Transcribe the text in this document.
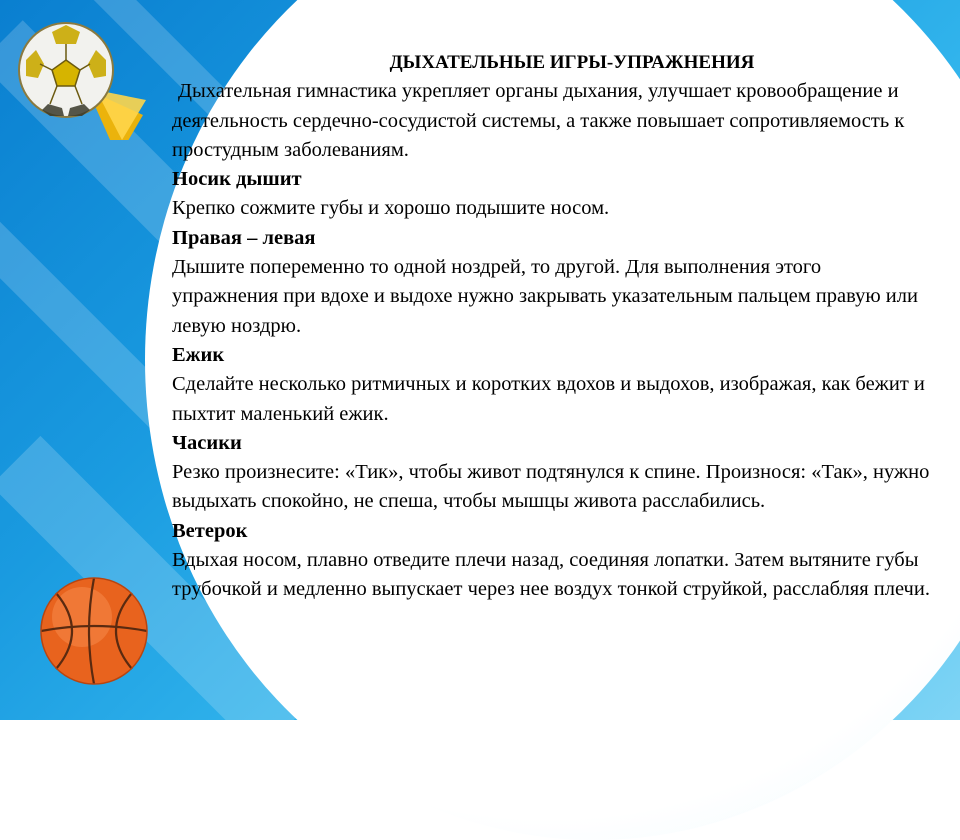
ДЫХАТЕЛЬНЫЕ ИГРЫ-УПРАЖНЕНИЯ

Дыхательная гимнастика укрепляет органы дыхания, улучшает кровообращение и деятельность сердечно-сосудистой системы, а также повышает сопротивляемость к простудным заболеваниям.

Носик дышит

Крепко сожмите губы и хорошо подышите носом.

Правая – левая

Дышите попеременно то одной ноздрей, то другой. Для выполнения этого упражнения при вдохе и выдохе нужно закрывать указательным пальцем правую или левую ноздрю.

Ежик

Сделайте несколько ритмичных и коротких вдохов и выдохов, изображая, как бежит и пыхтит маленький ежик.

Часики

Резко произнесите: «Тик», чтобы живот подтянулся к спине. Произнося: «Так», нужно выдыхать спокойно, не спеша, чтобы мышцы живота расслабились.

Ветерок

Вдыхая носом, плавно отведите плечи назад, соединяя лопатки. Затем вытяните губы трубочкой и медленно выпускает через нее воздух тонкой струйкой, расслабляя плечи.
